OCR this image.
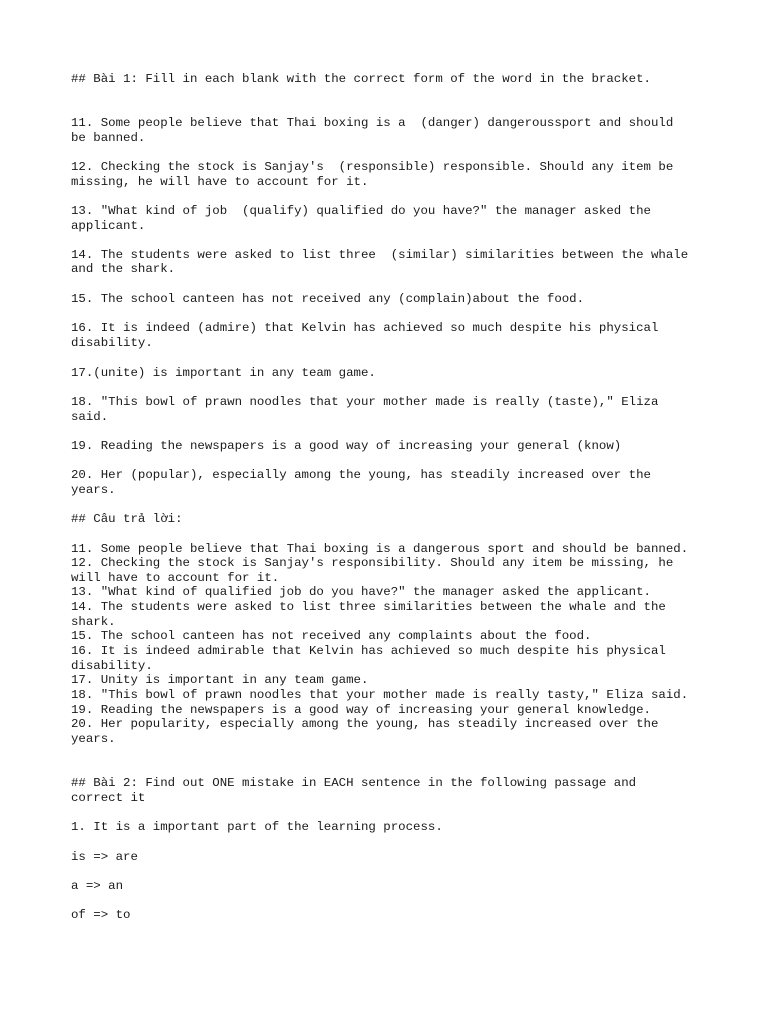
## Bài 1: Fill in each blank with the correct form of the word in the bracket.
11. Some people believe that Thai boxing is a  (danger) dangeroussport and should
be banned.
12. Checking the stock is Sanjay's  (responsible) responsible. Should any item be
missing, he will have to account for it.
13. "What kind of job  (qualify) qualified do you have?" the manager asked the
applicant.
14. The students were asked to list three  (similar) similarities between the whale
and the shark.
15. The school canteen has not received any (complain)about the food.
16. It is indeed (admire) that Kelvin has achieved so much despite his physical
disability.
17.(unite) is important in any team game.
18. "This bowl of prawn noodles that your mother made is really (taste)," Eliza
said.
19. Reading the newspapers is a good way of increasing your general (know)
20. Her (popular), especially among the young, has steadily increased over the
years.
## Câu trả lời:
11. Some people believe that Thai boxing is a dangerous sport and should be banned.
12. Checking the stock is Sanjay's responsibility. Should any item be missing, he
will have to account for it.
13. "What kind of qualified job do you have?" the manager asked the applicant.
14. The students were asked to list three similarities between the whale and the
shark.
15. The school canteen has not received any complaints about the food.
16. It is indeed admirable that Kelvin has achieved so much despite his physical
disability.
17. Unity is important in any team game.
18. "This bowl of prawn noodles that your mother made is really tasty," Eliza said.
19. Reading the newspapers is a good way of increasing your general knowledge.
20. Her popularity, especially among the young, has steadily increased over the
years.
## Bài 2: Find out ONE mistake in EACH sentence in the following passage and
correct it
1. It is a important part of the learning process.
is => are
a => an
of => to
